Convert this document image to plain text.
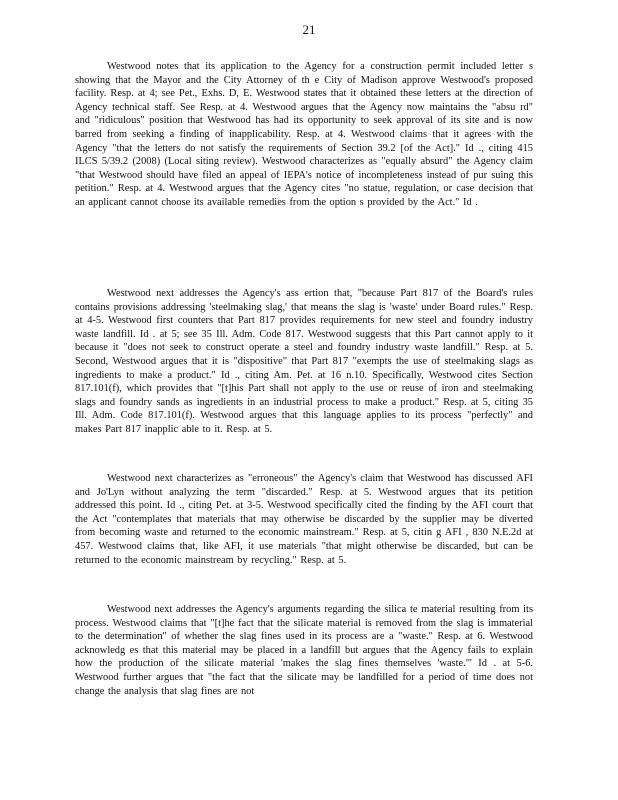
21

Westwood notes that its application to the Agency for a construction permit included letter s showing that the Mayor and the City Attorney of th e City of Madison approve Westwood's proposed facility. Resp. at 4; see Pet., Exhs. D, E. Westwood states that it obtained these letters at the direction of Agency technical staff. See Resp. at 4. Westwood argues that the Agency now maintains the "absu rd" and "ridiculous" position that Westwood has had its opportunity to seek approval of its site and is now barred from seeking a finding of inapplicability. Resp. at 4. Westwood claims that it agrees with the Agency "that the letters do not satisfy the requirements of Section 39.2 [of the Act]." Id ., citing 415 ILCS 5/39.2 (2008) (Local siting review). Westwood characterizes as "equally absurd" the Agency claim "that Westwood should have filed an appeal of IEPA's notice of incompleteness instead of pur suing this petition." Resp. at 4. Westwood argues that the Agency cites "no statue, regulation, or case decision that an applicant cannot choose its available remedies from the option s provided by the Act." Id .

Westwood next addresses the Agency's ass ertion that, "because Part 817 of the Board's rules contains provisions addressing 'steelmaking slag,' that means the slag is 'waste' under Board rules." Resp. at 4-5. Westwood first counters that Part 817 provides requirements for new steel and foundry industry waste landfill. Id . at 5; see 35 Ill. Adm. Code 817. Westwood suggests that this Part cannot apply to it because it "does not seek to construct operate a steel and foundry industry waste landfill." Resp. at 5. Second, Westwood argues that it is "dispositive" that Part 817 "exempts the use of steelmaking slags as ingredients to make a product." Id ., citing Am. Pet. at 16 n.10. Specifically, Westwood cites Section 817.101(f), which provides that "[t]his Part shall not apply to the use or reuse of iron and steelmaking slags and foundry sands as ingredients in an industrial process to make a product." Resp. at 5, citing 35 Ill. Adm. Code 817.101(f). Westwood argues that this language applies to its process "perfectly" and makes Part 817 inapplic able to it. Resp. at 5.

Westwood next characterizes as "erroneous" the Agency's claim that Westwood has discussed AFI and Jo'Lyn without analyzing the term "discarded." Resp. at 5. Westwood argues that its petition addressed this point. Id ., citing Pet. at 3-5. Westwood specifically cited the finding by the AFI court that the Act "contemplates that materials that may otherwise be discarded by the supplier may be diverted from becoming waste and returned to the economic mainstream." Resp. at 5, citin g AFI , 830 N.E.2d at 457. Westwood claims that, like AFI, it use materials "that might otherwise be discarded, but can be returned to the economic mainstream by recycling." Resp. at 5.

Westwood next addresses the Agency's arguments regarding the silica te material resulting from its process. Westwood claims that "[t]he fact that the silicate material is removed from the slag is immaterial to the determination" of whether the slag fines used in its process are a "waste." Resp. at 6. Westwood acknowledg es that this material may be placed in a landfill but argues that the Agency fails to explain how the production of the silicate material 'makes the slag fines themselves 'waste."' Id . at 5-6. Westwood further argues that "the fact that the silicate may be landfilled for a period of time does not change the analysis that slag fines are not
